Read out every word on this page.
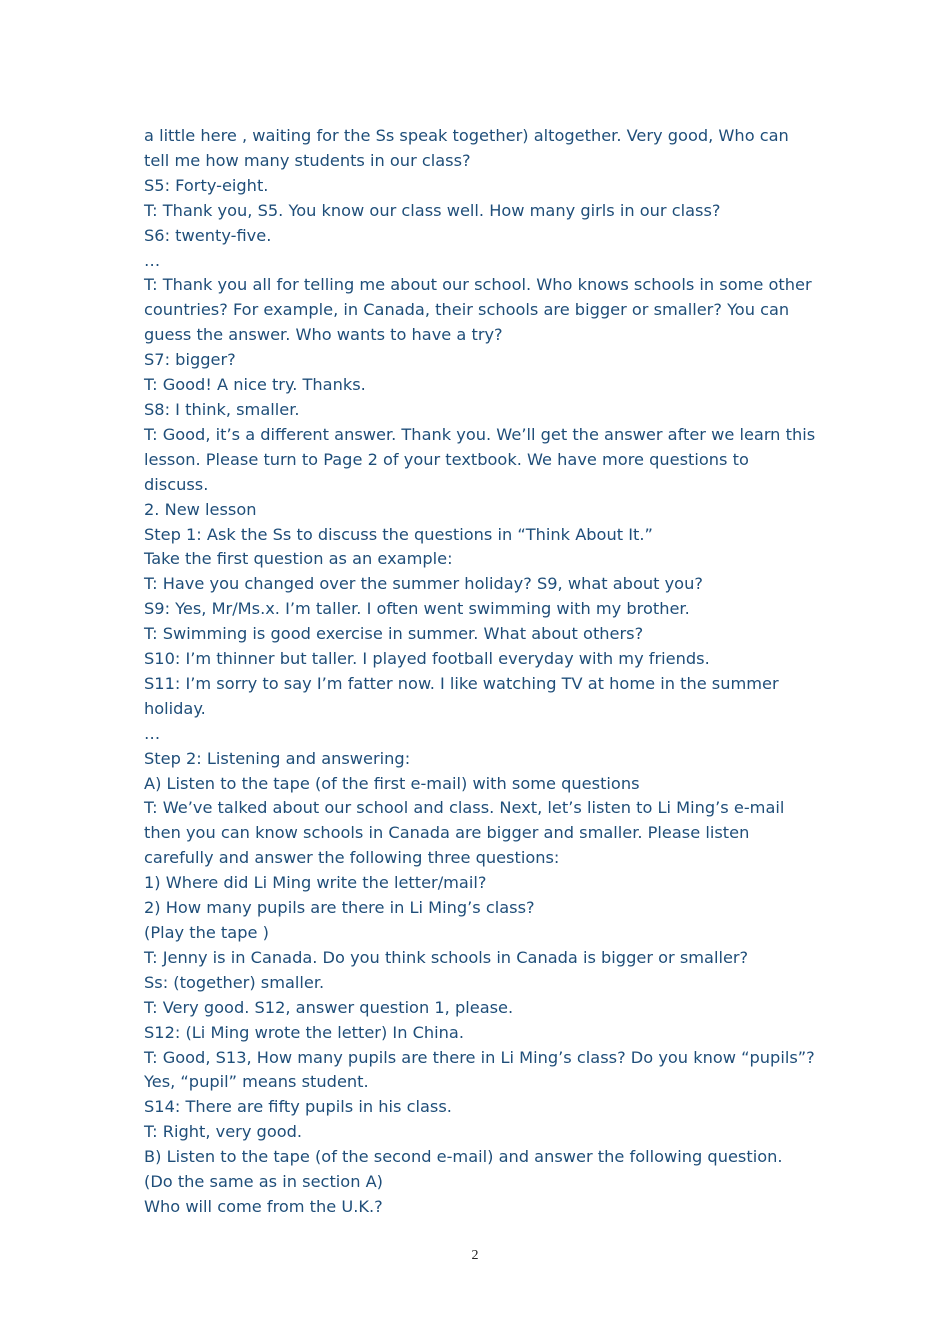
a little here , waiting for the Ss speak together) altogether. Very good, Who can tell me how many students in our class?

S5: Forty-eight.

T: Thank you, S5. You know our class well. How many girls in our class?

S6: twenty-five.

…

T: Thank you all for telling me about our school. Who knows schools in some other countries? For example, in Canada, their schools are bigger or smaller? You can guess the answer. Who wants to have a try?

S7: bigger?

T: Good! A nice try. Thanks.

S8: I think, smaller.

T: Good, it’s a different answer. Thank you. We’ll get the answer after we learn this lesson. Please turn to Page 2 of your textbook. We have more questions to discuss.

2. New lesson

Step 1: Ask the Ss to discuss the questions in “Think About It.”

Take the first question as an example:

T: Have you changed over the summer holiday? S9, what about you?

S9: Yes, Mr/Ms.x. I’m taller. I often went swimming with my brother.

T: Swimming is good exercise in summer. What about others?

S10: I’m thinner but taller. I played football everyday with my friends.

S11: I’m sorry to say I’m fatter now. I like watching TV at home in the summer holiday.

…

Step 2: Listening and answering:

A) Listen to the tape (of the first e-mail) with some questions

T: We’ve talked about our school and class. Next, let’s listen to Li Ming’s e-mail then you can know schools in Canada are bigger and smaller. Please listen carefully and answer the following three questions:

1) Where did Li Ming write the letter/mail?

2) How many pupils are there in Li Ming’s class?

(Play the tape )

T: Jenny is in Canada. Do you think schools in Canada is bigger or smaller?

Ss: (together) smaller.

T: Very good. S12, answer question 1, please.

S12: (Li Ming wrote the letter) In China.

T: Good, S13, How many pupils are there in Li Ming’s class? Do you know “pupils”? Yes, “pupil” means student.

S14: There are fifty pupils in his class.

T: Right, very good.

B) Listen to the tape (of the second e-mail) and answer the following question.

(Do the same as in section A)

Who will come from the U.K.?

2
